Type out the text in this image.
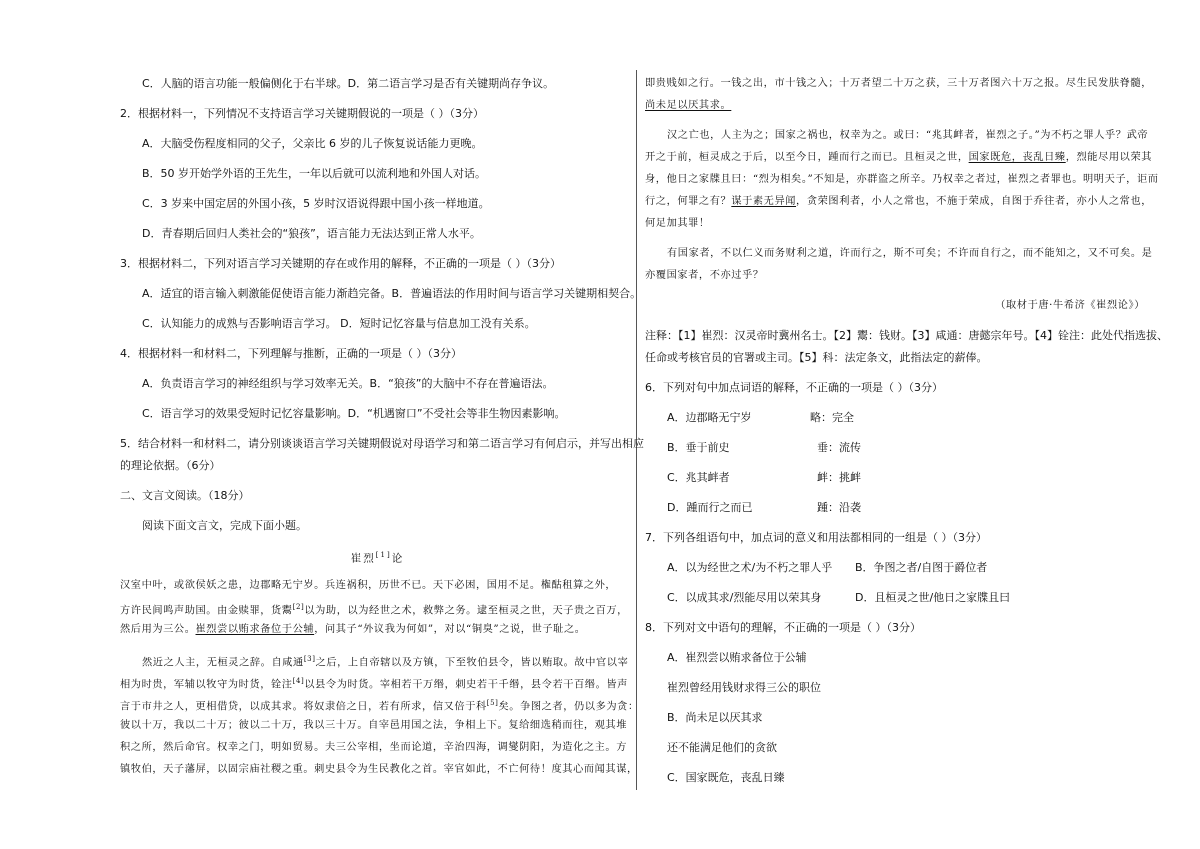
C．人脑的语言功能一般偏侧化于右半球。D．第二语言学习是否有关键期尚存争议。
2．根据材料一，下列情况不支持语言学习关键期假说的一项是（ ）（3分）
A．大脑受伤程度相同的父子，父亲比 6 岁的儿子恢复说话能力更晚。
B．50 岁开始学外语的王先生，一年以后就可以流利地和外国人对话。
C．3 岁来中国定居的外国小孩，5 岁时汉语说得跟中国小孩一样地道。
D．青春期后回归人类社会的“狼孩”，语言能力无法达到正常人水平。
3．根据材料二，下列对语言学习关键期的存在或作用的解释，不正确的一项是（ ）（3分）
A．适宜的语言输入刺激能促使语言能力渐趋完备。B．普遍语法的作用时间与语言学习关键期相契合。
C．认知能力的成熟与否影响语言学习。 D．短时记忆容量与信息加工没有关系。
4．根据材料一和材料二，下列理解与推断，正确的一项是（ ）（3分）
A．负责语言学习的神经组织与学习效率无关。B．“狼孩”的大脑中不存在普遍语法。
C．语言学习的效果受短时记忆容量影响。D．“机遇窗口”不受社会等非生物因素影响。
5．结合材料一和材料二，请分别谈谈语言学习关键期假说对母语学习和第二语言学习有何启示，并写出相应
的理论依据。（6分）
二、文言文阅读。（18分）
阅读下面文言文，完成下面小题。
崔烈[1]论
汉室中叶，或欲侯妖之患，边郡略无宁岁。兵连祸积，历世不已。天下必困，国用不足。権酤租算之外，
方许民间鸣声助国。由金赎罪，货鬻[2]以为助，以为经世之术，救弊之务。逮至桓灵之世，天子贵之百万，
然后用为三公。崔烈尝以贿求备位于公辅，问其子“外议我为何如”，对以“铜臭”之说，世子耻之。
然近之人主，无桓灵之辞。自咸通[3]之后，上自帝辖以及方镇，下至牧伯县令，皆以贿取。故中官以宰
相为时贵，军辅以牧守为时货，铨注[4]以县令为时货。宰相若干万缗，刺史若干千缗，县令若干百缗。皆声
言于市井之人，更相借贷，以成其求。将奴隶倍之日，若有所求，信又倍于科[5]矣。争图之者，仍以多为贪：
彼以十万，我以二十万；彼以二十万，我以三十万。自宰邑用国之法，争相上下。复给细选稍而往，观其堆
积之所，然后命官。权幸之门，明如贸易。夫三公宰相，坐而论道，辛治四海，调燮阴阳，为造化之主。方
镇牧伯，天子藩屏，以固宗庙社稷之重。刺史县令为生民教化之首。宰官如此，不亡何待！度其心而闻其谋，
即贵贱如之行。一钱之出，市十钱之入；十万者望二十万之获，三十万者图六十万之报。尽生民发肤脊髓，
尚未足以厌其求。
汉之亡也，人主为之；国家之祸也，权幸为之。或曰：“兆其衅者，崔烈之子。”为不朽之罪人乎？武帝
开之于前，桓灵成之于后，以至今日，踵而行之而已。且桓灵之世，国家既危，丧乱日臻，烈能尽用以荣其
身，他日之家牒且曰：“烈为相矣。”不知是，亦群盗之所辛。乃权幸之者过，崔烈之者罪也。明明天子，讵而
行之，何罪之有？谋于素无异闻，贪荣图利者，小人之常也，不施于荣成，自图于乔往者，亦小人之常也，
何足加其罪！
有国家者，不以仁义而务财利之道，许而行之，斯不可矣；不许而自行之，而不能知之，又不可矣。是
亦覆国家者，不亦过乎？
（取材于唐·牛希济《崔烈论》）
注释：【1】崔烈：汉灵帝时冀州名士。【2】鬻：钱财。【3】咸通：唐懿宗年号。【4】铨注：此处代指选拔、
任命或考核官员的官署或主司。【5】科：法定条文，此指法定的薪俸。
6．下列对句中加点词语的解释，不正确的一项是（ ）（3分）
A．边郡略无宁岁	略：完全
B．垂于前史	垂：流传
C．兆其衅者	衅：挑衅
D．踵而行之而已	踵：沿袭
7．下列各组语句中，加点词的意义和用法都相同的一组是（ ）（3分）
A．以为经世之术/为不朽之罪人乎 B．争图之者/自图于爵位者
C．以成其求/烈能尽用以荣其身	D．且桓灵之世/他日之家牒且曰
8．下列对文中语句的理解，不正确的一项是（ ）（3分）
A．崔烈尝以贿求备位于公辅
崔烈曾经用钱财求得三公的职位
B．尚未足以厌其求
还不能满足他们的贪欲
C．国家既危，丧乱日臻
